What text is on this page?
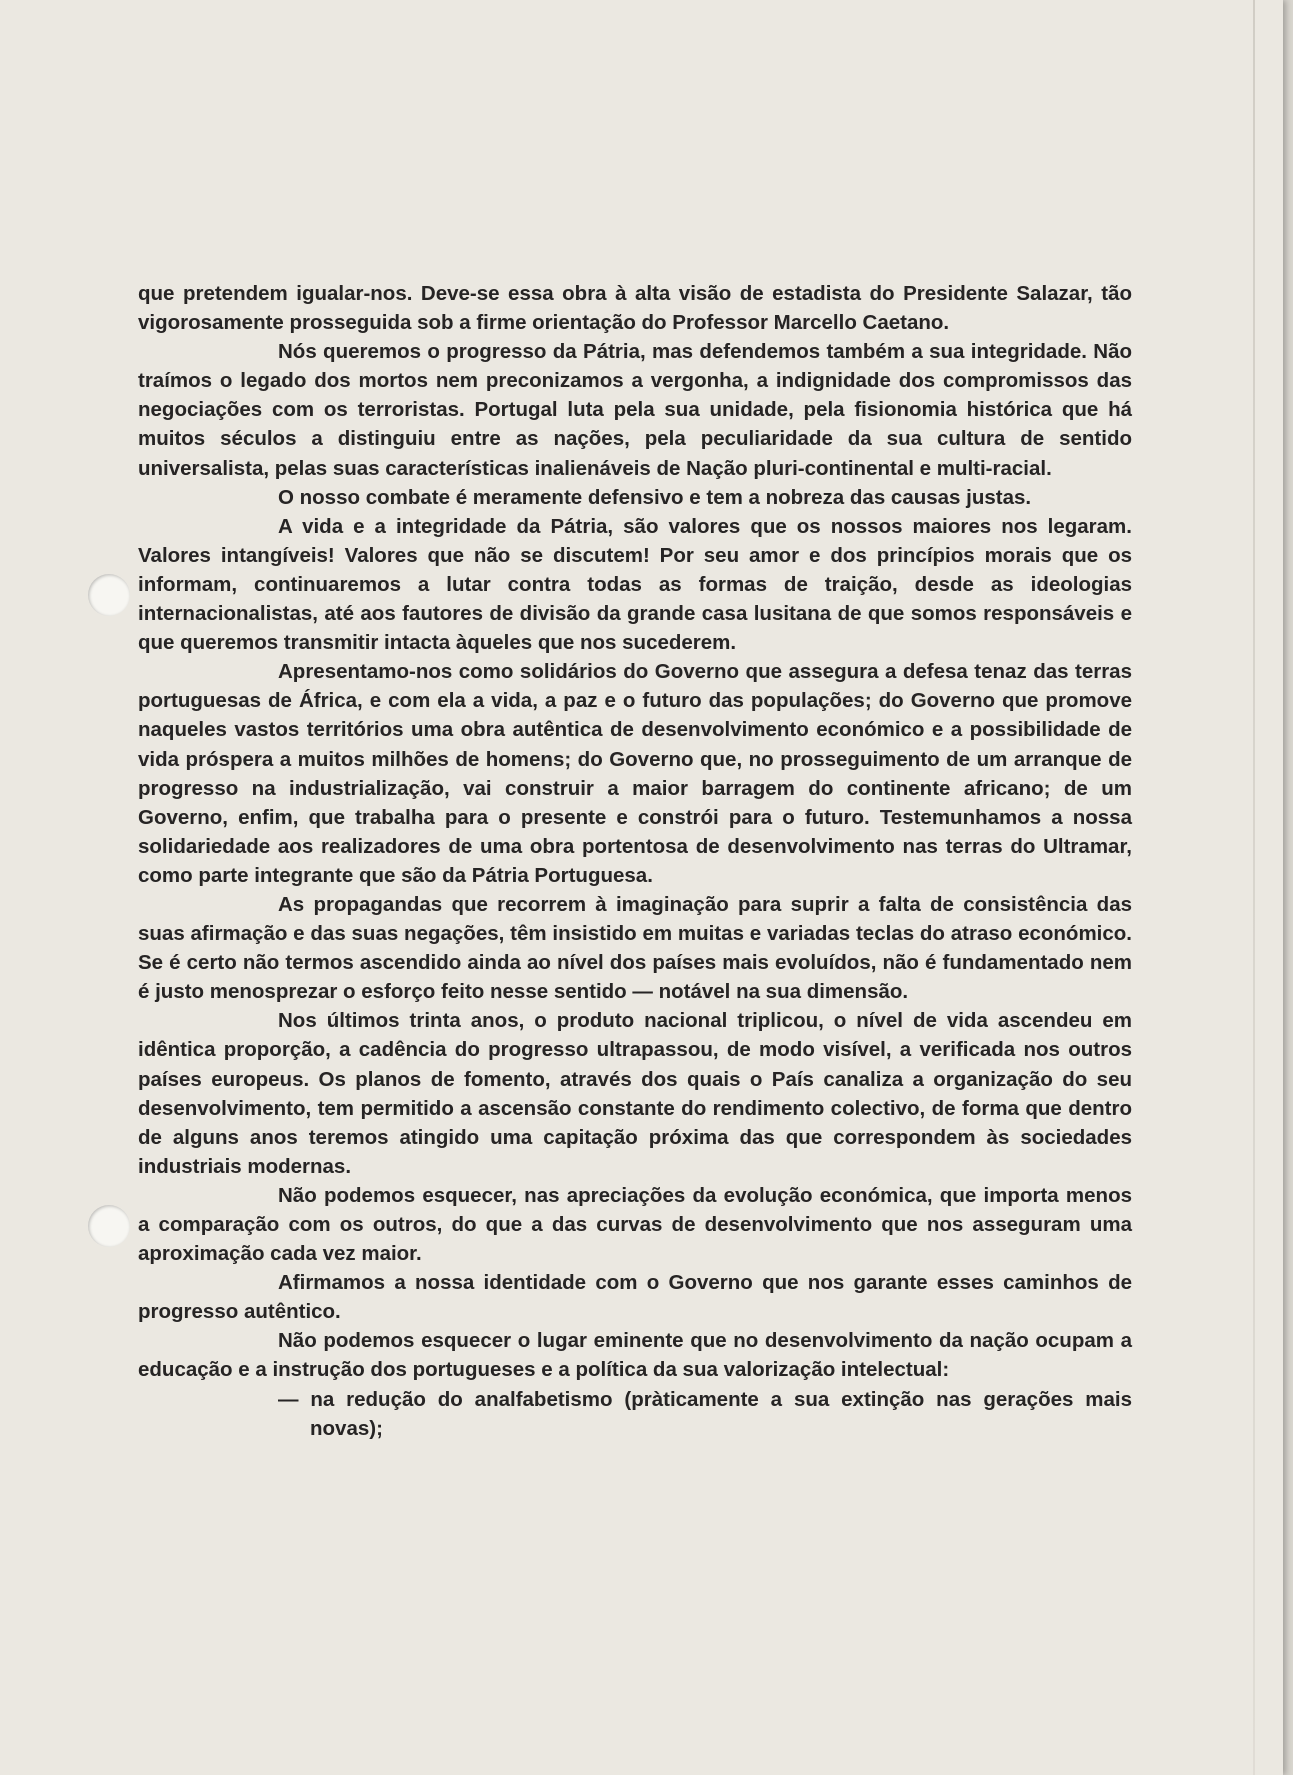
que pretendem igualar-nos. Deve-se essa obra à alta visão de estadista do Presidente Salazar, tão vigorosamente prosseguida sob a firme orientação do Professor Marcello Caetano.

Nós queremos o progresso da Pátria, mas defendemos também a sua integridade. Não traímos o legado dos mortos nem preconizamos a vergonha, a indignidade dos compromissos das negociações com os terroristas. Portugal luta pela sua unidade, pela fisionomia histórica que há muitos séculos a distinguiu entre as nações, pela peculiaridade da sua cultura de sentido universalista, pelas suas características inalienáveis de Nação pluri-continental e multi-racial.

O nosso combate é meramente defensivo e tem a nobreza das causas justas.

A vida e a integridade da Pátria, são valores que os nossos maiores nos legaram. Valores intangíveis! Valores que não se discutem! Por seu amor e dos princípios morais que os informam, continuaremos a lutar contra todas as formas de traição, desde as ideologias internacionalistas, até aos fautores de divisão da grande casa lusitana de que somos responsáveis e que queremos transmitir intacta àqueles que nos sucederem.

Apresentamo-nos como solidários do Governo que assegura a defesa tenaz das terras portuguesas de África, e com ela a vida, a paz e o futuro das populações; do Governo que promove naqueles vastos territórios uma obra autêntica de desenvolvimento económico e a possibilidade de vida próspera a muitos milhões de homens; do Governo que, no prosseguimento de um arranque de progresso na industrialização, vai construir a maior barragem do continente africano; de um Governo, enfim, que trabalha para o presente e constrói para o futuro. Testemunhamos a nossa solidariedade aos realizadores de uma obra portentosa de desenvolvimento nas terras do Ultramar, como parte integrante que são da Pátria Portuguesa.

As propagandas que recorrem à imaginação para suprir a falta de consistência das suas afirmação e das suas negações, têm insistido em muitas e variadas teclas do atraso económico. Se é certo não termos ascendido ainda ao nível dos países mais evoluídos, não é fundamentado nem é justo menosprezar o esforço feito nesse sentido — notável na sua dimensão.

Nos últimos trinta anos, o produto nacional triplicou, o nível de vida ascendeu em idêntica proporção, a cadência do progresso ultrapassou, de modo visível, a verificada nos outros países europeus. Os planos de fomento, através dos quais o País canaliza a organização do seu desenvolvimento, tem permitido a ascensão constante do rendimento colectivo, de forma que dentro de alguns anos teremos atingido uma capitação próxima das que correspondem às sociedades industriais modernas.

Não podemos esquecer, nas apreciações da evolução económica, que importa menos a comparação com os outros, do que a das curvas de desenvolvimento que nos asseguram uma aproximação cada vez maior.

Afirmamos a nossa identidade com o Governo que nos garante esses caminhos de progresso autêntico.

Não podemos esquecer o lugar eminente que no desenvolvimento da nação ocupam a educação e a instrução dos portugueses e a política da sua valorização intelectual:

— na redução do analfabetismo (pràticamente a sua extinção nas gerações mais novas);
